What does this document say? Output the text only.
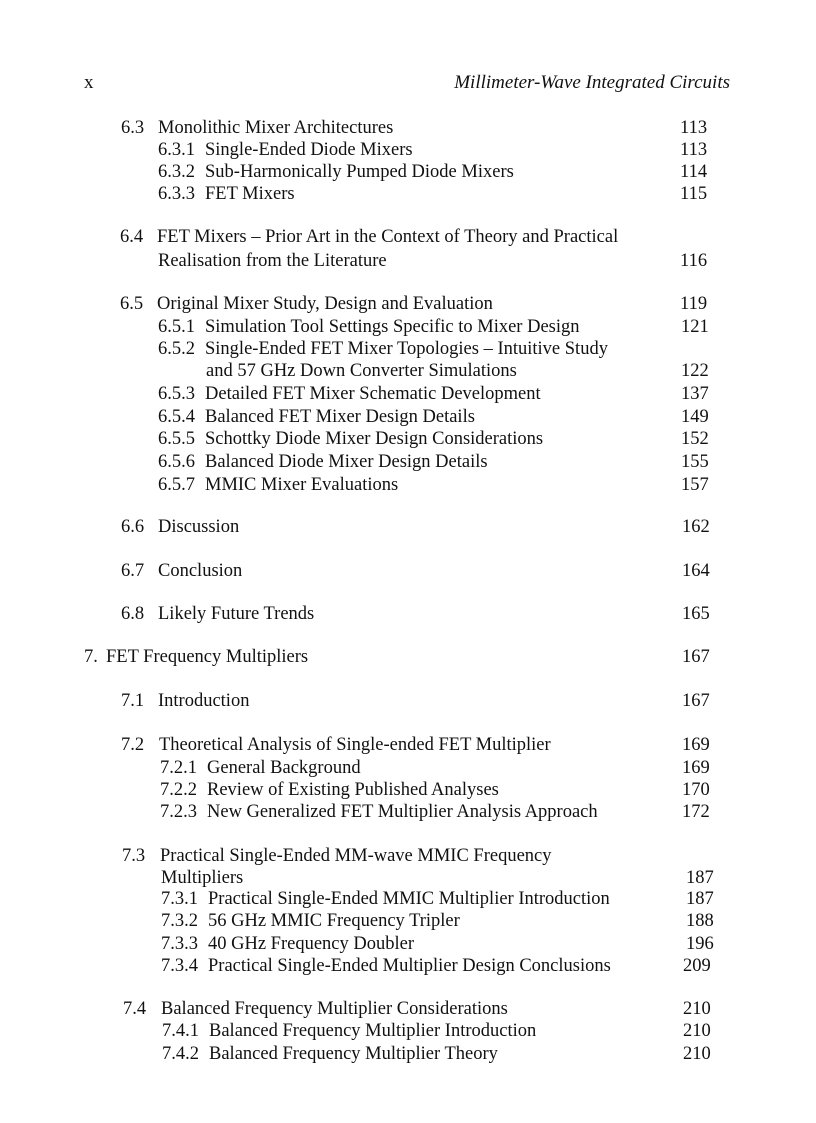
x	Millimeter-Wave Integrated Circuits
6.3 Monolithic Mixer Architectures	113
6.3.1 Single-Ended Diode Mixers	113
6.3.2 Sub-Harmonically Pumped Diode Mixers	114
6.3.3 FET Mixers	115
6.4 FET Mixers – Prior Art in the Context of Theory and Practical
Realisation from the Literature	116
6.5 Original Mixer Study, Design and Evaluation	119
6.5.1 Simulation Tool Settings Specific to Mixer Design	121
6.5.2 Single-Ended FET Mixer Topologies – Intuitive Study
and 57 GHz Down Converter Simulations	122
6.5.3 Detailed FET Mixer Schematic Development	137
6.5.4 Balanced FET Mixer Design Details	149
6.5.5 Schottky Diode Mixer Design Considerations	152
6.5.6 Balanced Diode Mixer Design Details	155
6.5.7 MMIC Mixer Evaluations	157
6.6 Discussion	162
6.7 Conclusion	164
6.8 Likely Future Trends	165
7. FET Frequency Multipliers	167
7.1 Introduction	167
7.2 Theoretical Analysis of Single-ended FET Multiplier	169
7.2.1 General Background	169
7.2.2 Review of Existing Published Analyses	170
7.2.3 New Generalized FET Multiplier Analysis Approach	172
7.3 Practical Single-Ended MM-wave MMIC Frequency
Multipliers	187
7.3.1 Practical Single-Ended MMIC Multiplier Introduction	187
7.3.2 56 GHz MMIC Frequency Tripler	188
7.3.3 40 GHz Frequency Doubler	196
7.3.4 Practical Single-Ended Multiplier Design Conclusions	209
7.4 Balanced Frequency Multiplier Considerations	210
7.4.1 Balanced Frequency Multiplier Introduction	210
7.4.2 Balanced Frequency Multiplier Theory	210
